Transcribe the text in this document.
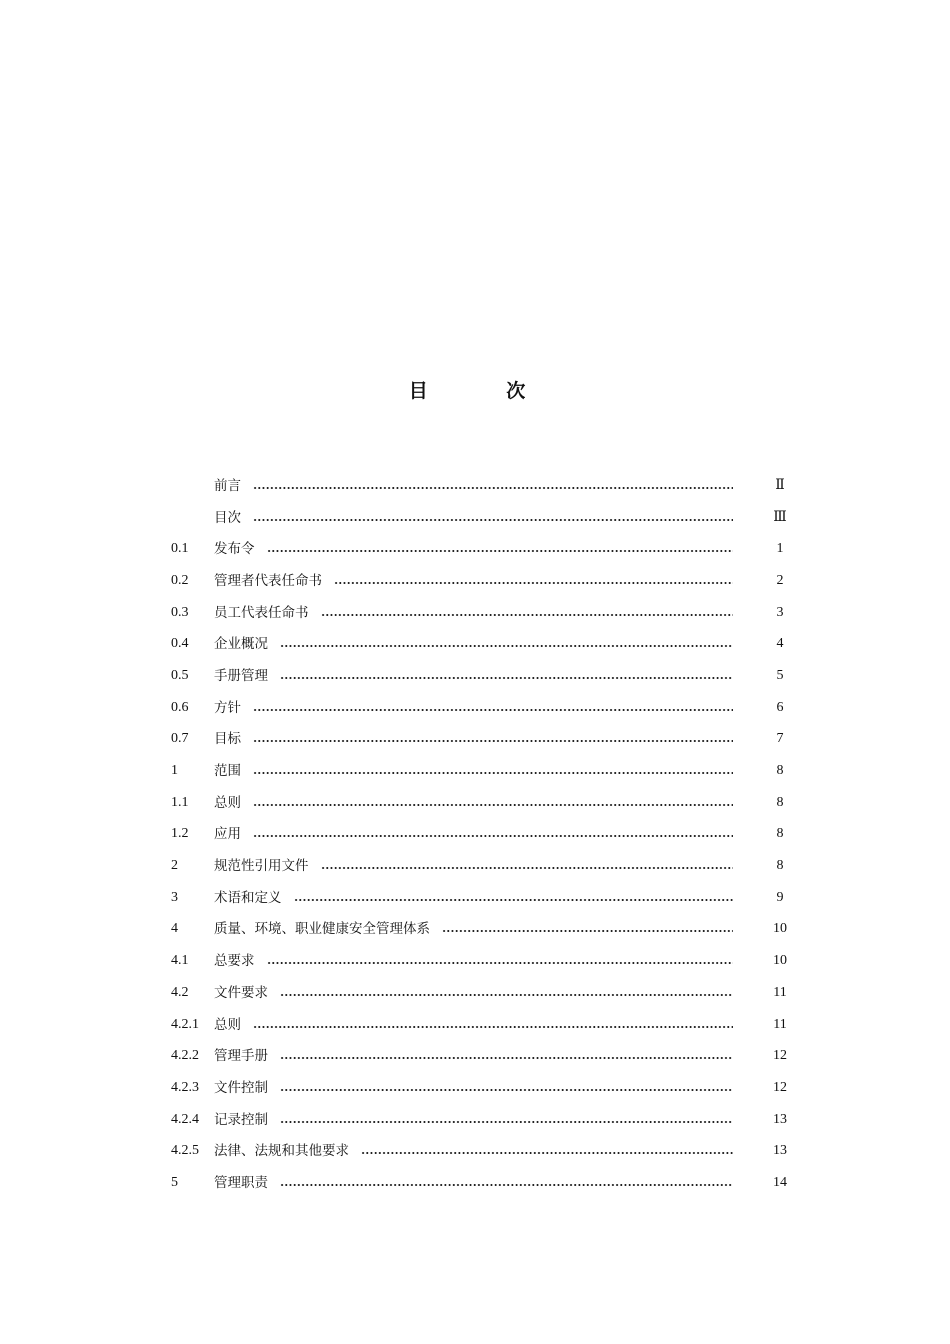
目 次
前言	Ⅱ
目次	Ⅲ
0.1	发布令	1
0.2	管理者代表任命书	2
0.3	员工代表任命书	3
0.4	企业概况	4
0.5	手册管理	5
0.6	方针	6
0.7	目标	7
1	范围	8
1.1	总则	8
1.2	应用	8
2	规范性引用文件	8
3	术语和定义	9
4	质量、环境、职业健康安全管理体系	10
4.1	总要求	10
4.2	文件要求	11
4.2.1	总则	11
4.2.2	管理手册	12
4.2.3	文件控制	12
4.2.4	记录控制	13
4.2.5	法律、法规和其他要求	13
5	管理职责	14
